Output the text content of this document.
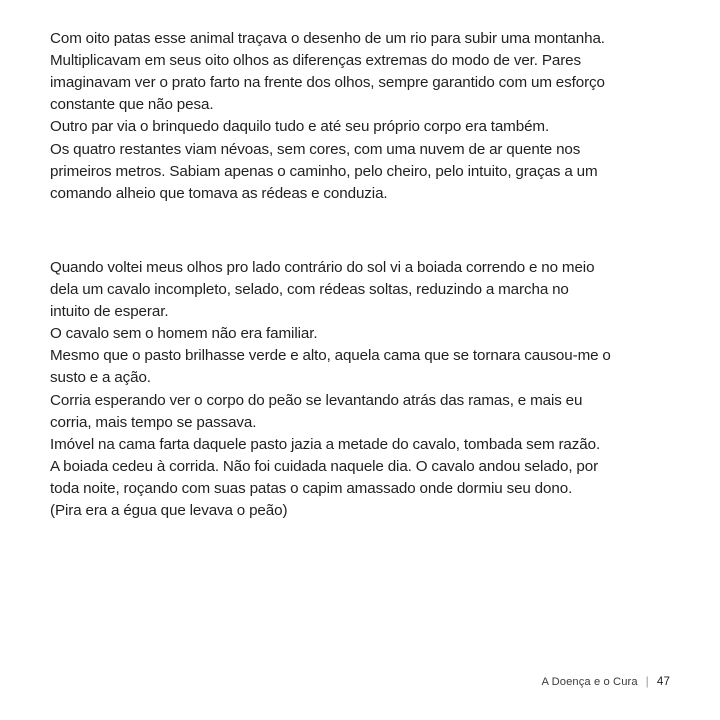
Com oito patas esse animal traçava o desenho de um rio para subir uma montanha.

Multiplicavam em seus oito olhos as diferenças extremas do modo de ver. Pares imaginavam ver o prato farto na frente dos olhos, sempre garantido com um esforço constante que não pesa.

Outro par via o brinquedo daquilo tudo e até seu próprio corpo era também.

Os quatro restantes viam névoas, sem cores, com uma nuvem de ar quente nos primeiros metros. Sabiam apenas o caminho, pelo cheiro, pelo intuito, graças a um comando alheio que tomava as rédeas e conduzia.

Quando voltei meus olhos pro lado contrário do sol vi a boiada correndo e no meio dela um cavalo incompleto, selado, com rédeas soltas, reduzindo a marcha no intuito de esperar.

O cavalo sem o homem não era familiar.

Mesmo que o pasto brilhasse verde e alto, aquela cama que se tornara causou-me o susto e a ação.

Corria esperando ver o corpo do peão se levantando atrás das ramas, e mais eu corria, mais tempo se passava.

Imóvel na cama farta daquele pasto jazia a metade do cavalo, tombada sem razão. A boiada cedeu à corrida. Não foi cuidada naquele dia. O cavalo andou selado, por toda noite, roçando com suas patas o capim amassado onde dormiu seu dono.

(Pira era a égua que levava o peão)

A Doença e o Cura | 47
